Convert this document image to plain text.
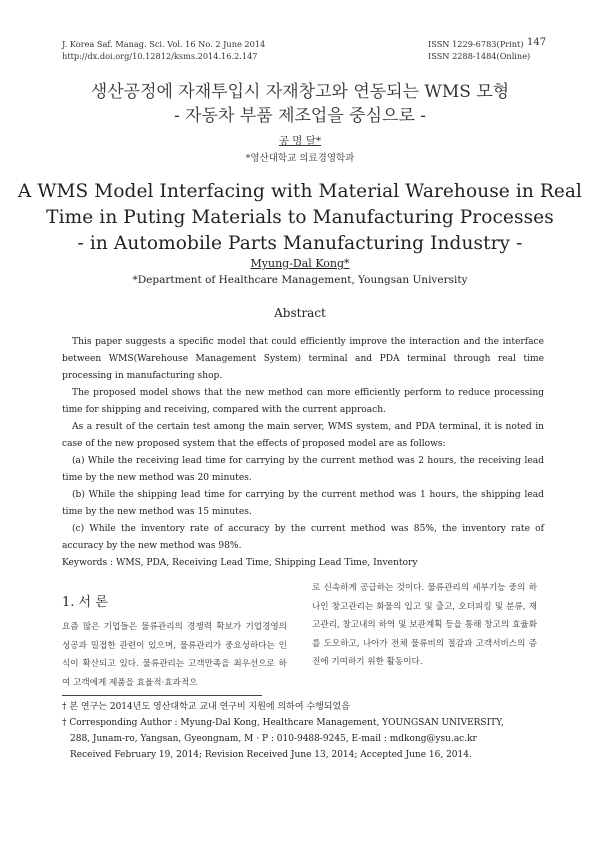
J. Korea Saf. Manag. Sci. Vol. 16 No. 2 June 2014
http://dx.doi.org/10.12812/ksms.2014.16.2.147
ISSN 1229-6783(Print)
ISSN 2288-1484(Online)
147
생산공정에 자재투입시 자재창고와 연동되는 WMS 모형
- 자동차 부품 제조업을 중심으로 -
공 명 달*
*영산대학교 의료경영학과
A WMS Model Interfacing with Material Warehouse in Real
Time in Puting Materials to Manufacturing Processes
- in Automobile Parts Manufacturing Industry -
Myung-Dal Kong*
*Department of Healthcare Management, Youngsan University
Abstract

This paper suggests a specific model that could efficiently improve the interaction and the interface between WMS(Warehouse Management System) terminal and PDA terminal through real time processing in manufacturing shop.

The proposed model shows that the new method can more efficiently perform to reduce processing time for shipping and receiving, compared with the current approach.

As a result of the certain test among the main server, WMS system, and PDA terminal, it is noted in case of the new proposed system that the effects of proposed model are as follows:

(a) While the receiving lead time for carrying by the current method was 2 hours, the receiving lead time by the new method was 20 minutes.

(b) While the shipping lead time for carrying by the current method was 1 hours, the shipping lead time by the new method was 15 minutes.

(c) While the inventory rate of accuracy by the current method was 85%, the inventory rate of accuracy by the new method was 98%.

Keywords : WMS, PDA, Receiving Lead Time, Shipping Lead Time, Inventory

1. 서 론
요즘 많은 기업들은 물류관리의 경쟁력 확보가 기업경영의 성공과 밀접한 관련이 있으며, 물류관리가 중요성하다는 인식이 확산되고 있다. 물류관리는 고객만족을 최우선으로 하여 고객에게 제품을 효율적·효과적으
로 신속하게 공급하는 것이다. 물류관리의 세부기능 중의 하나인 창고관리는 화물의 입고 및 출고, 오더피킹 및 분류, 재고관리, 창고내의 하역 및 보관계획 등을 통해 창고의 효율화를 도모하고, 나아가 전체 물류비의 절감과 고객서비스의 증진에 기여하기 위한 활동이다.
† 본 연구는 2014년도 영산대학교 교내 연구비 지원에 의하여 수행되었음
† Corresponding Author : Myung-Dal Kong, Healthcare Management, YOUNGSAN UNIVERSITY,
288, Junam-ro, Yangsan, Gyeongnam, M · P : 010-9488-9245, E-mail : mdkong@ysu.ac.kr
Received February 19, 2014; Revision Received June 13, 2014; Accepted June 16, 2014.
